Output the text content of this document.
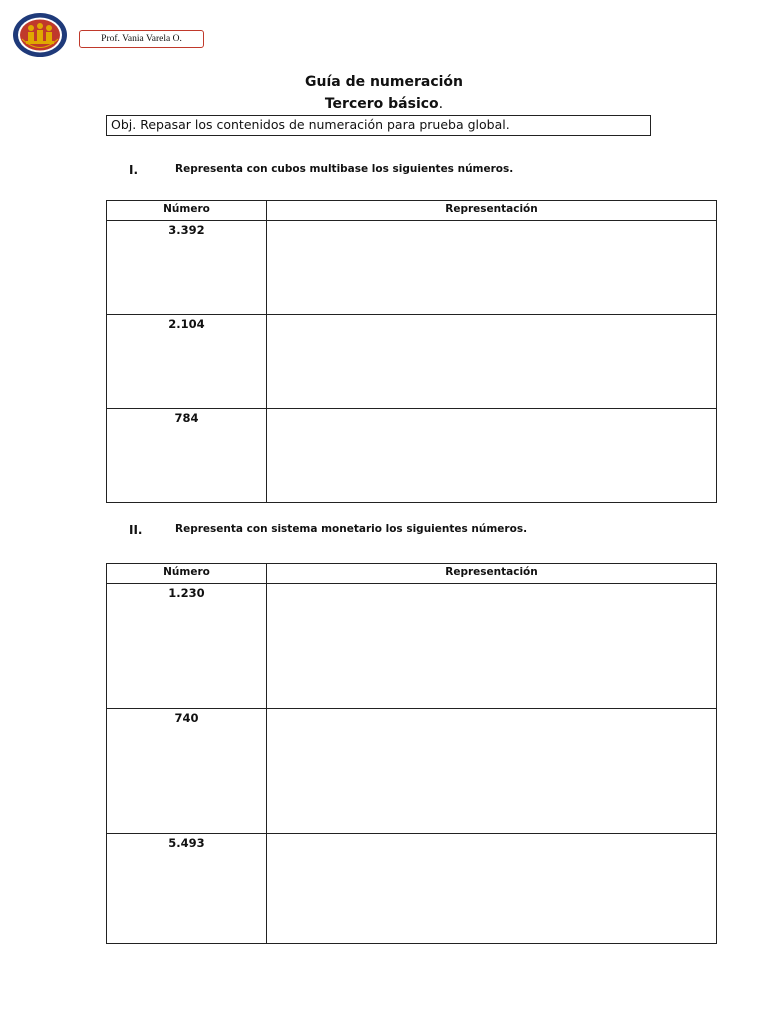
Prof. Vania Varela O.
Guía de numeración
Tercero básico.
Obj. Repasar los contenidos de numeración para prueba global.
I.	Representa con cubos multibase los siguientes números.
Número	Representación
3.392	
2.104	
784	
II.	Representa con sistema monetario los siguientes números.
Número	Representación
1.230	
740	
5.493	
